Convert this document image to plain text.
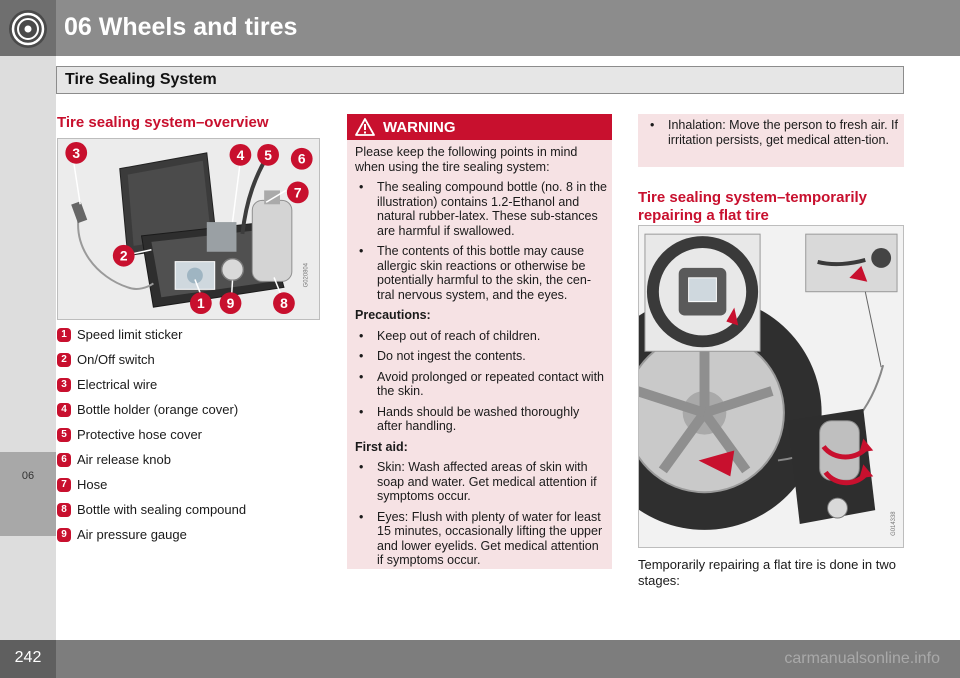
06 Wheels and tires
06
Tire Sealing System
Tire sealing system–overview
1
2
3	4 5 6
7
8
9
G020804
1 Speed limit sticker
2 On/Off switch
3 Electrical wire
4 Bottle holder (orange cover)
5 Protective hose cover
6 Air release knob
7 Hose
8 Bottle with sealing compound
9 Air pressure gauge
WARNING

Please keep the following points in mind when using the tire sealing system:

• The sealing compound bottle (no. 8 in the illustration) contains 1.2-Ethanol and natural rubber-latex. These sub-stances are harmful if swallowed.
• The contents of this bottle may cause allergic skin reactions or otherwise be potentially harmful to the skin, the cen-tral nervous system, and the eyes.
Precautions:
• Keep out of reach of children.
• Do not ingest the contents.
• Avoid prolonged or repeated contact with the skin.
• Hands should be washed thoroughly after handling.
First aid:
• Skin: Wash affected areas of skin with soap and water. Get medical attention if symptoms occur.
• Eyes: Flush with plenty of water for least 15 minutes, occasionally lifting the upper and lower eyelids. Get medical attention if symptoms occur.
• Inhalation: Move the person to fresh air. If irritation persists, get medical atten-tion.
Tire sealing system–temporarily repairing a flat tire
G014338
Temporarily repairing a flat tire is done in two stages:
242	carmanualsonline.info
